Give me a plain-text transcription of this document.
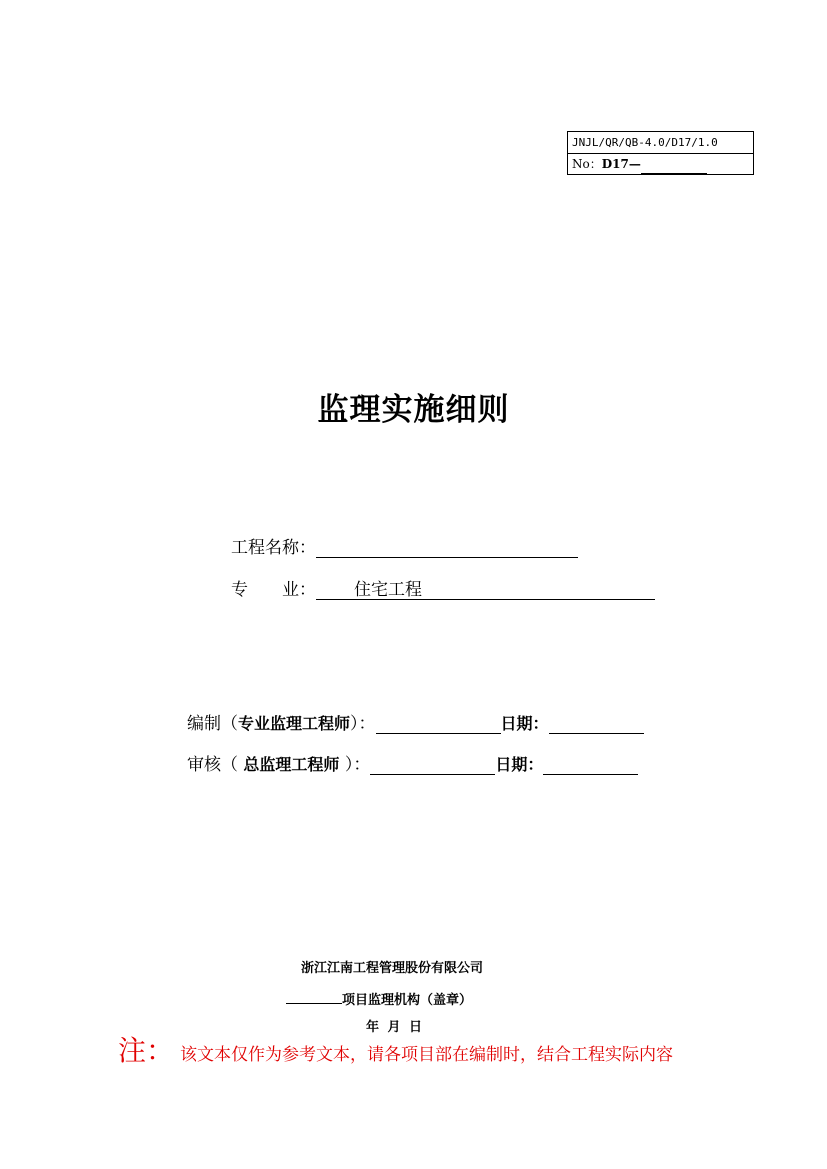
JNJL/QR/QB-4.0/D17/1.0
No：D17—
监理实施细则
工程名称：
专　　业： 住宅工程
编制（专业监理工程师）：	日期：
审核（ 总监理工程师 ）：	日期：
浙江江南工程管理股份有限公司
项目监理机构（盖章）
年 月 日
注： 该文本仅作为参考文本，请各项目部在编制时，结合工程实际内容
